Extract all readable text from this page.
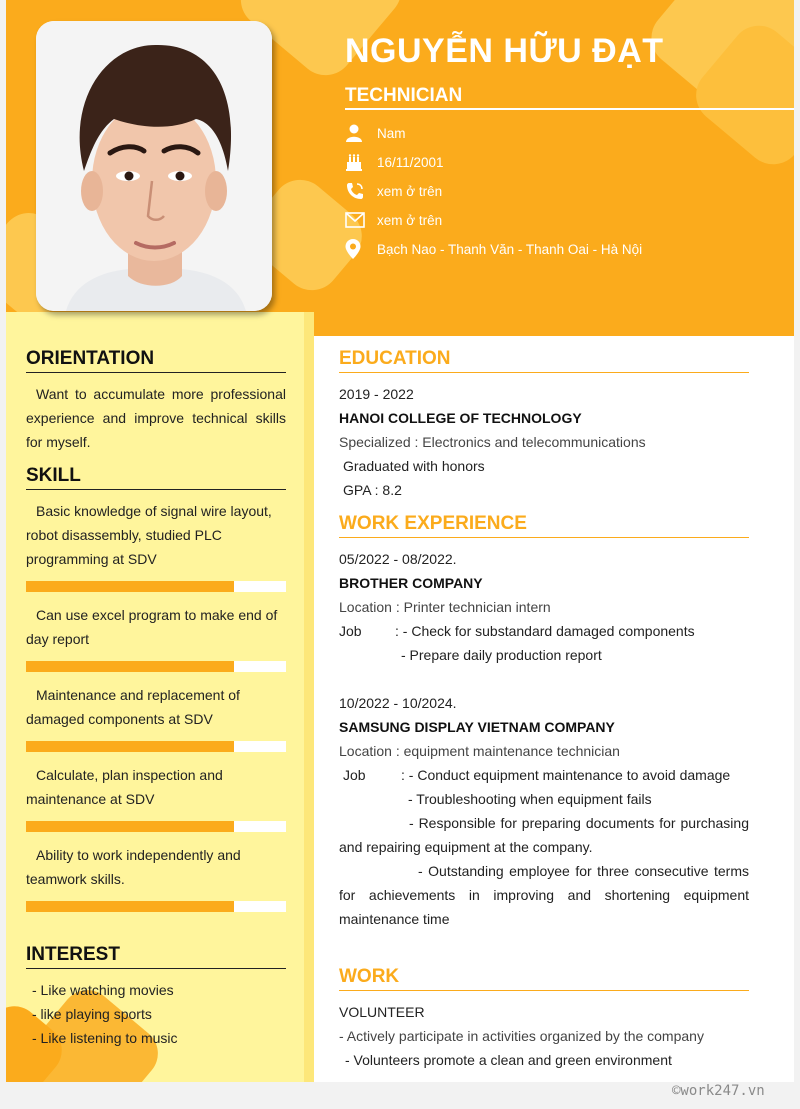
NGUYỄN HỮU ĐẠT
TECHNICIAN
Nam
16/11/2001
xem ở trên
xem ở trên
Bạch Nao - Thanh Văn - Thanh Oai - Hà Nội
ORIENTATION
Want to accumulate more professional experience and improve technical skills for myself.
SKILL
Basic knowledge of signal wire layout, robot disassembly, studied PLC programming at SDV
Can use excel program to make end of day report
Maintenance and replacement of damaged components at SDV
Calculate, plan inspection and maintenance at SDV
Ability to work independently and teamwork skills.
INTEREST
- Like watching movies
- like playing sports
- Like listening to music
EDUCATION
2019 - 2022
HANOI COLLEGE OF TECHNOLOGY
Specialized : Electronics and telecommunications
Graduated with honors
GPA : 8.2
WORK EXPERIENCE
05/2022 - 08/2022.
BROTHER COMPANY
Location : Printer technician intern
Job	: - Check for substandard damaged components
- Prepare daily production report
10/2022 - 10/2024.
SAMSUNG DISPLAY VIETNAM COMPANY
Location : equipment maintenance technician
Job	: - Conduct equipment maintenance to avoid damage
- Troubleshooting when equipment fails
- Responsible for preparing documents for purchasing and repairing equipment at the company.
- Outstanding employee for three consecutive terms for achievements in improving and shortening equipment maintenance time
WORK
VOLUNTEER
- Actively participate in activities organized by the company
- Volunteers promote a clean and green environment
©work247.vn
